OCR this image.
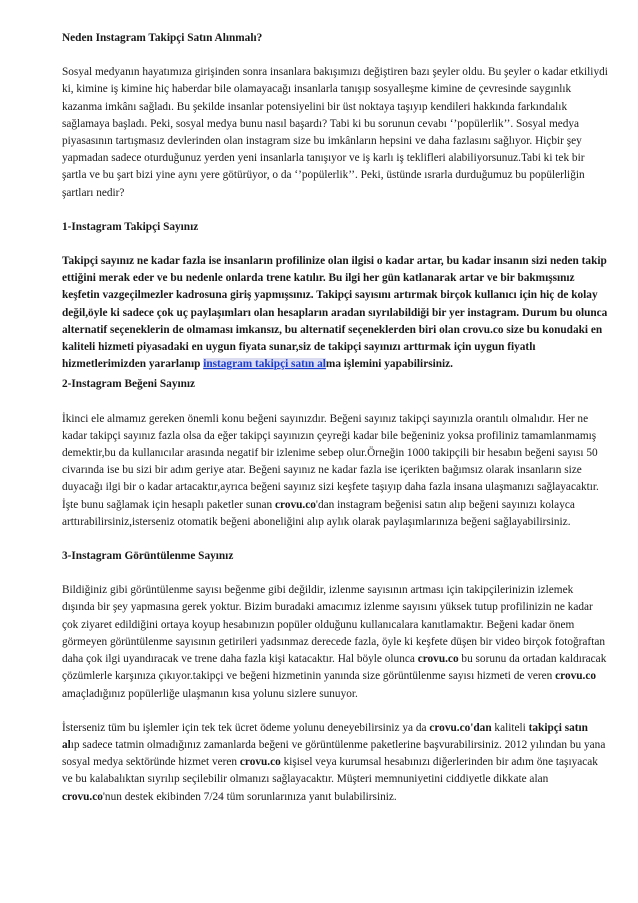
Neden Instagram Takipçi Satın Alınmalı?

Sosyal medyanın hayatımıza girişinden sonra insanlara bakışımızı değiştiren bazı şeyler oldu. Bu şeyler o kadar etkiliydi ki, kimine iş kimine hiç haberdar bile olamayacağı insanlarla tanışıp sosyalleşme kimine de çevresinde saygınlık kazanma imkânı sağladı. Bu şekilde insanlar potensiyelini bir üst noktaya taşıyıp kendileri hakkında farkındalık sağlamaya başladı. Peki, sosyal medya bunu nasıl başardı? Tabi ki bu sorunun cevabı ‘’popülerlik’’. Sosyal medya piyasasının tartışmasız devlerinden olan instagram size bu imkânların hepsini ve daha fazlasını sağlıyor. Hiçbir şey yapmadan sadece oturduğunuz yerden yeni insanlarla tanışıyor ve iş karlı iş teklifleri alabiliyorsunuz.Tabi ki tek bir şartla ve bu şart bizi yine aynı yere götürüyor, o da ‘’popülerlik’’. Peki, üstünde ısrarla durduğumuz bu popülerliğin şartları nedir?

1-Instagram Takipçi Sayınız

Takipçi sayınız ne kadar fazla ise insanların profilinize olan ilgisi o kadar artar, bu kadar insanın sizi neden takip ettiğini merak eder ve bu nedenle onlarda trene katılır. Bu ilgi her gün katlanarak artar ve bir bakmışsınız keşfetin vazgeçilmezler kadrosuna giriş yapmışsınız. Takipçi sayısını artırmak birçok kullanıcı için hiç de kolay değil,öyle ki sadece çok uç paylaşımları olan hesapların aradan sıyrılabildiği bir yer instagram. Durum bu olunca alternatif seçeneklerin de olmaması imkansız, bu alternatif seçeneklerden biri olan crovu.co size bu konudaki en kaliteli hizmeti piyasadaki en uygun fiyata sunar,siz de takipçi sayınızı arttırmak için uygun fiyatlı hizmetlerimizden yararlanıp instagram takipçi satın alma işlemini yapabilirsiniz.

2-Instagram Beğeni Sayınız

İkinci ele almamız gereken önemli konu beğeni sayınızdır. Beğeni sayınız takipçi sayınızla orantılı olmalıdır. Her ne kadar takipçi sayınız fazla olsa da eğer takipçi sayınızın çeyreği kadar bile beğeniniz yoksa profiliniz tamamlanmamış demektir,bu da kullanıcılar arasında negatif bir izlenime sebep olur.Örneğin 1000 takipçili bir hesabın beğeni sayısı 50 civarında ise bu sizi bir adım geriye atar. Beğeni sayınız ne kadar fazla ise içerikten bağımsız olarak insanların size duyacağı ilgi bir o kadar artacaktır,ayrıca beğeni sayınız sizi keşfete taşıyıp daha fazla insana ulaşmanızı sağlayacaktır. İşte bunu sağlamak için hesaplı paketler sunan crovu.co'dan instagram beğenisi satın alıp beğeni sayınızı kolayca arttırabilirsiniz,isterseniz otomatik beğeni aboneliğini alıp aylık olarak paylaşımlarınıza beğeni sağlayabilirsiniz.

3-Instagram Görüntülenme Sayınız

Bildiğiniz gibi görüntülenme sayısı beğenme gibi değildir, izlenme sayısının artması için takipçilerinizin izlemek dışında bir şey yapmasına gerek yoktur. Bizim buradaki amacımız izlenme sayısını yüksek tutup profilinizin ne kadar çok ziyaret edildiğini ortaya koyup hesabınızın popüler olduğunu kullanıcalara kanıtlamaktır. Beğeni kadar önem görmeyen görüntülenme sayısının getirileri yadsınmaz derecede fazla, öyle ki keşfete düşen bir video birçok fotoğraftan daha çok ilgi uyandıracak ve trene daha fazla kişi katacaktır. Hal böyle olunca crovu.co bu sorunu da ortadan kaldıracak çözümlerle karşınıza çıkıyor.takipçi ve beğeni hizmetinin yanında size görüntülenme sayısı hizmeti de veren crovu.co amaçladığınız popülerliğe ulaşmanın kısa yolunu sizlere sunuyor.

İsterseniz tüm bu işlemler için tek tek ücret ödeme yolunu deneyebilirsiniz ya da crovu.co'dan kaliteli takipçi satın alıp sadece tatmin olmadığınız zamanlarda beğeni ve görüntülenme paketlerine başvurabilirsiniz. 2012 yılından bu yana sosyal medya sektöründe hizmet veren crovu.co kişisel veya kurumsal hesabınızı diğerlerinden bir adım öne taşıyacak ve bu kalabalıktan sıyrılıp seçilebilir olmanızı sağlayacaktır. Müşteri memnuniyetini ciddiyetle dikkate alan crovu.co'nun destek ekibinden 7/24 tüm sorunlarınıza yanıt bulabilirsiniz.
